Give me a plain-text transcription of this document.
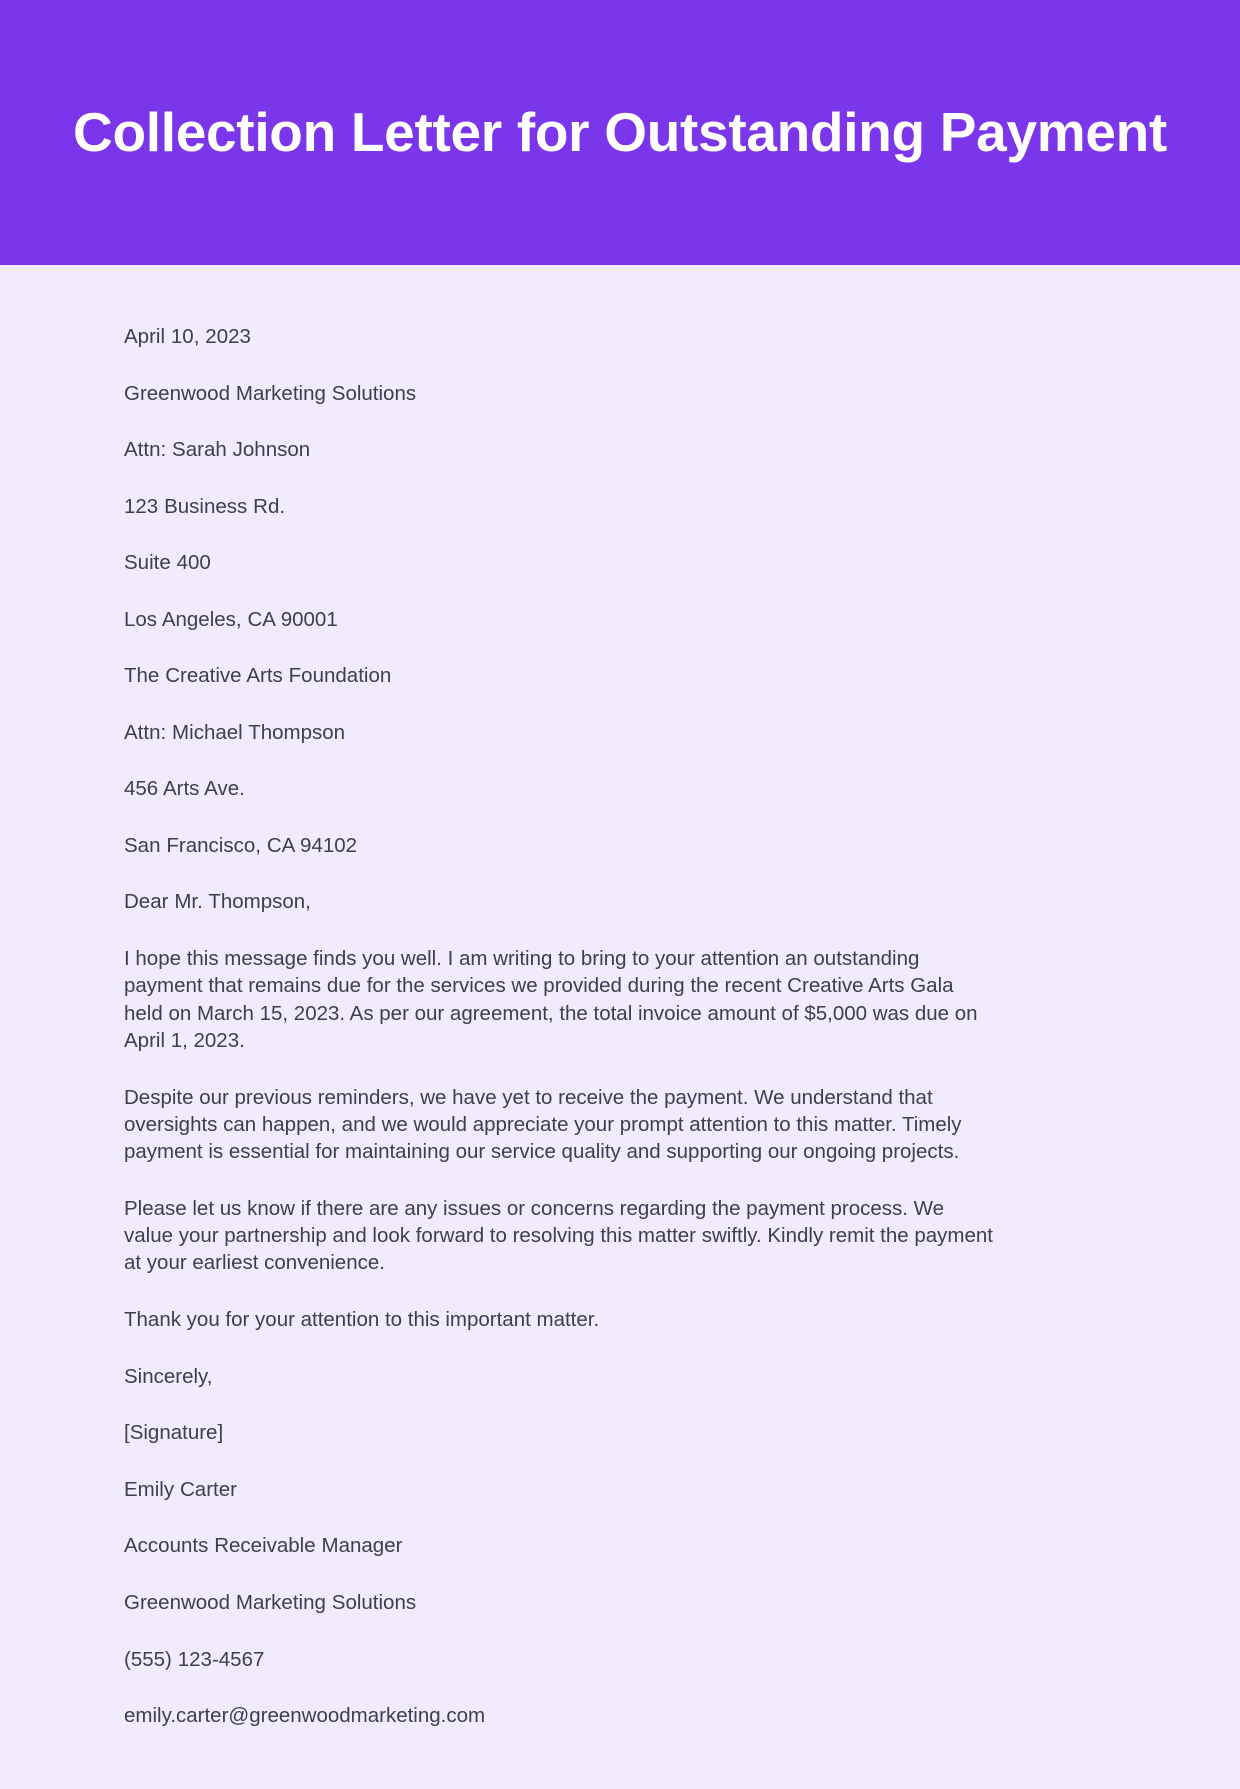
Collection Letter for Outstanding Payment

April 10, 2023

Greenwood Marketing Solutions

Attn: Sarah Johnson

123 Business Rd.

Suite 400

Los Angeles, CA 90001

The Creative Arts Foundation

Attn: Michael Thompson

456 Arts Ave.

San Francisco, CA 94102

Dear Mr. Thompson,

I hope this message finds you well. I am writing to bring to your attention an outstanding payment that remains due for the services we provided during the recent Creative Arts Gala held on March 15, 2023. As per our agreement, the total invoice amount of $5,000 was due on April 1, 2023.

Despite our previous reminders, we have yet to receive the payment. We understand that oversights can happen, and we would appreciate your prompt attention to this matter. Timely payment is essential for maintaining our service quality and supporting our ongoing projects.

Please let us know if there are any issues or concerns regarding the payment process. We value your partnership and look forward to resolving this matter swiftly. Kindly remit the payment at your earliest convenience.

Thank you for your attention to this important matter.

Sincerely,

[Signature]

Emily Carter

Accounts Receivable Manager

Greenwood Marketing Solutions

(555) 123-4567

emily.carter@greenwoodmarketing.com
